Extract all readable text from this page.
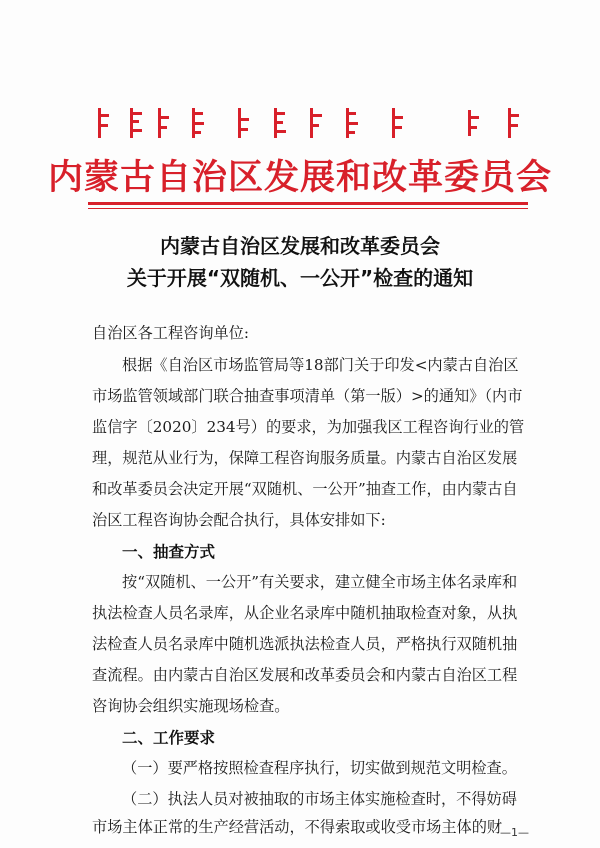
内蒙古自治区发展和改革委员会
内蒙古自治区发展和改革委员会
关于开展“双随机、一公开”检查的通知
自治区各工程咨询单位:
根据《自治区市场监管局等18部门关于印发<内蒙古自治区
市场监管领域部门联合抽查事项清单（第一版）>的通知》（内市
监信字〔2020〕234号）的要求，为加强我区工程咨询行业的管
理，规范从业行为，保障工程咨询服务质量。内蒙古自治区发展
和改革委员会决定开展“双随机、一公开”抽查工作，由内蒙古自
治区工程咨询协会配合执行，具体安排如下:
一、抽查方式
按“双随机、一公开”有关要求，建立健全市场主体名录库和
执法检查人员名录库，从企业名录库中随机抽取检查对象，从执
法检查人员名录库中随机选派执法检查人员，严格执行双随机抽
查流程。由内蒙古自治区发展和改革委员会和内蒙古自治区工程
咨询协会组织实施现场检查。
二、工作要求
（一）要严格按照检查程序执行，切实做到规范文明检查。
（二）执法人员对被抽取的市场主体实施检查时，不得妨碍
市场主体正常的生产经营活动，不得索取或收受市场主体的财
—1—
